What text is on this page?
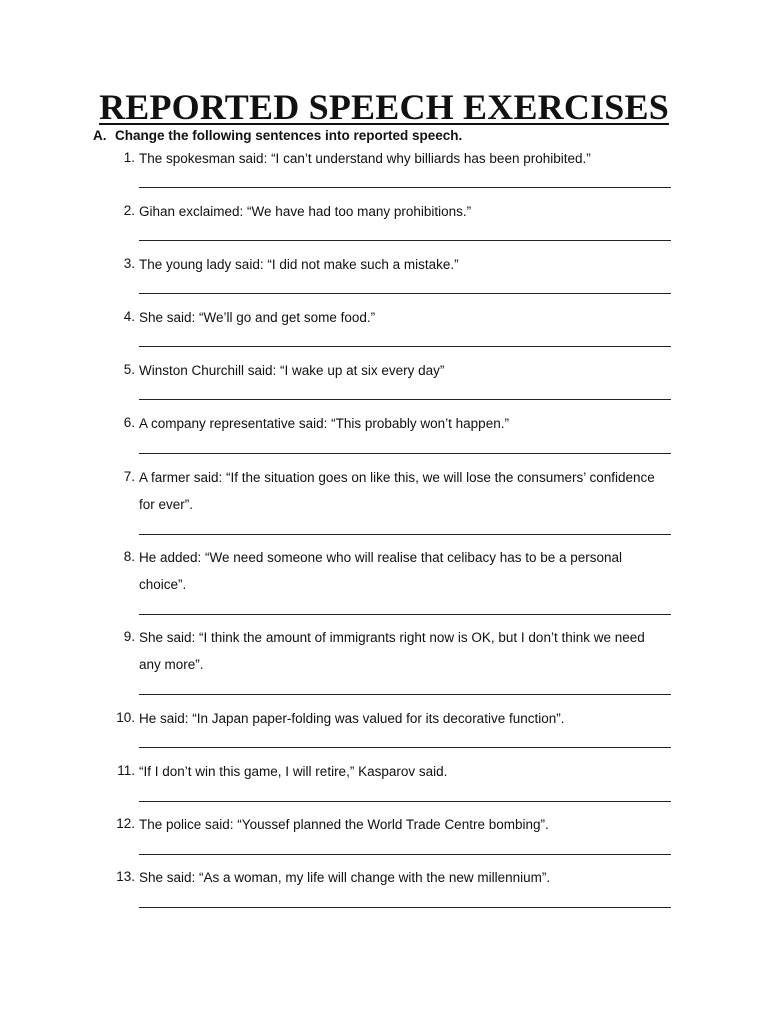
REPORTED SPEECH EXERCISES
A. Change the following sentences into reported speech.
1. The spokesman said: “I can’t understand why billiards has been prohibited.”
2. Gihan exclaimed: “We have had too many prohibitions.”
3. The young lady said: “I did not make such a mistake.”
4. She said: “We’ll go and get some food.”
5. Winston Churchill said: “I wake up at six every day”
6. A company representative said: “This probably won’t happen.”
7. A farmer said: “If the situation goes on like this, we will lose the consumers’ confidence for ever”.
8. He added: “We need someone who will realise that celibacy has to be a personal choice”.
9. She said: “I think the amount of immigrants right now is OK, but I don’t think we need any more”.
10. He said: “In Japan paper-folding was valued for its decorative function”.
11. “If I don’t win this game, I will retire,” Kasparov said.
12. The police said: “Youssef planned the World Trade Centre bombing”.
13. She said: “As a woman, my life will change with the new millennium”.
